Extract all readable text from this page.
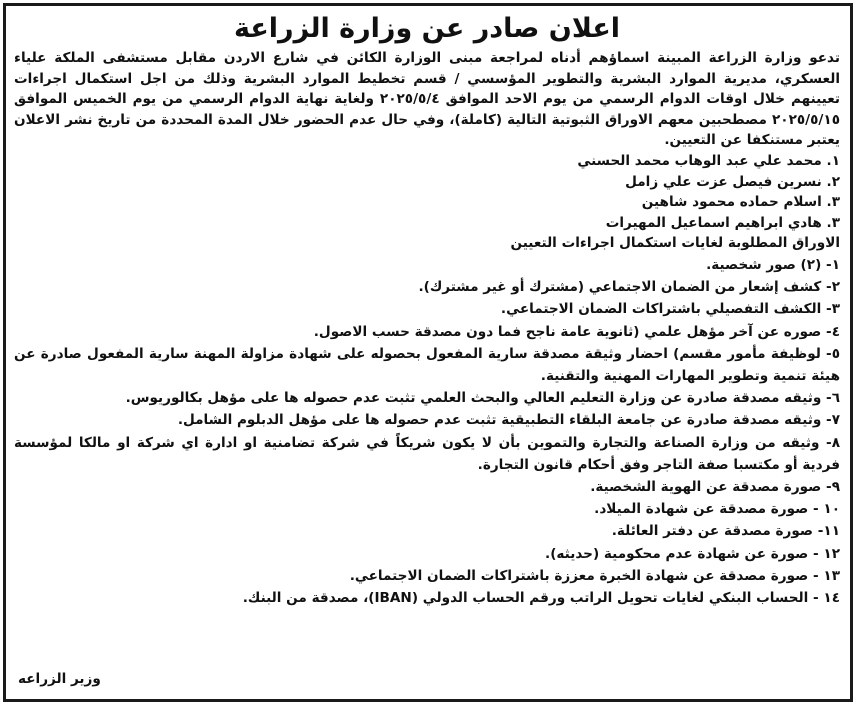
اعلان صادر عن وزارة الزراعة

تدعو وزارة الزراعة المبينة اسماؤهم أدناه لمراجعة مبنى الوزارة الكائن في شارع الاردن مقابل مستشفى الملكة علياء العسكري، مديرية الموارد البشرية والتطوير المؤسسي / قسم تخطيط الموارد البشرية وذلك من اجل استكمال اجراءات تعيينهم خلال اوقات الدوام الرسمي من يوم الاحد الموافق ٢٠٢٥/٥/٤ ولغاية نهاية الدوام الرسمي من يوم الخميس الموافق ٢٠٢٥/٥/١٥ مصطحبين معهم الاوراق الثبوتية التالية (كاملة)، وفي حال عدم الحضور خلال المدة المحددة من تاريخ نشر الاعلان يعتبر مستنكفا عن التعيين.

١. محمد علي عبد الوهاب محمد الحسني
٢. نسرين فيصل عزت علي زامل
٣. اسلام حماده محمود شاهين
٣. هادي ابراهيم اسماعيل المهيرات

الاوراق المطلوبة لغايات استكمال اجراءات التعيين

١- (٢) صور شخصية.
٢- كشف إشعار من الضمان الاجتماعي (مشترك أو غير مشترك).
٣- الكشف التفصيلي باشتراكات الضمان الاجتماعي.
٤- صوره عن آخر مؤهل علمي (ثانوية عامة ناجح فما دون مصدقة حسب الاصول.
٥- لوظيفة مأمور مقسم) احضار وثيقة مصدقة سارية المفعول بحصوله على شهادة مزاولة المهنة سارية المفعول صادرة عن هيئة تنمية وتطوير المهارات المهنية والتقنية.
٦- وثيقه مصدقة صادرة عن وزارة التعليم العالي والبحث العلمي تثبت عدم حصوله ها على مؤهل بكالوريوس.
٧- وثيقه مصدقة صادرة عن جامعة البلقاء التطبيقية تثبت عدم حصوله ها على مؤهل الدبلوم الشامل.
٨- وثيقه من وزارة الصناعة والتجارة والتموين بأن لا يكون شريكاً في شركة تضامنية او ادارة اي شركة او مالكا لمؤسسة فردية أو مكتسبا صفة التاجر وفق أحكام قانون التجارة.
٩- صورة مصدقة عن الهوية الشخصية.
١٠ - صورة مصدقة عن شهادة الميلاد.
١١- صورة مصدقة عن دفتر العائلة.
١٢ - صورة عن شهادة عدم محكومية (حديثه).
١٣ - صورة مصدقة عن شهادة الخبرة معززة باشتراكات الضمان الاجتماعي.
١٤ - الحساب البنكي لغايات تحويل الراتب ورقم الحساب الدولي (IBAN)، مصدقة من البنك.
وزير الزراعه
